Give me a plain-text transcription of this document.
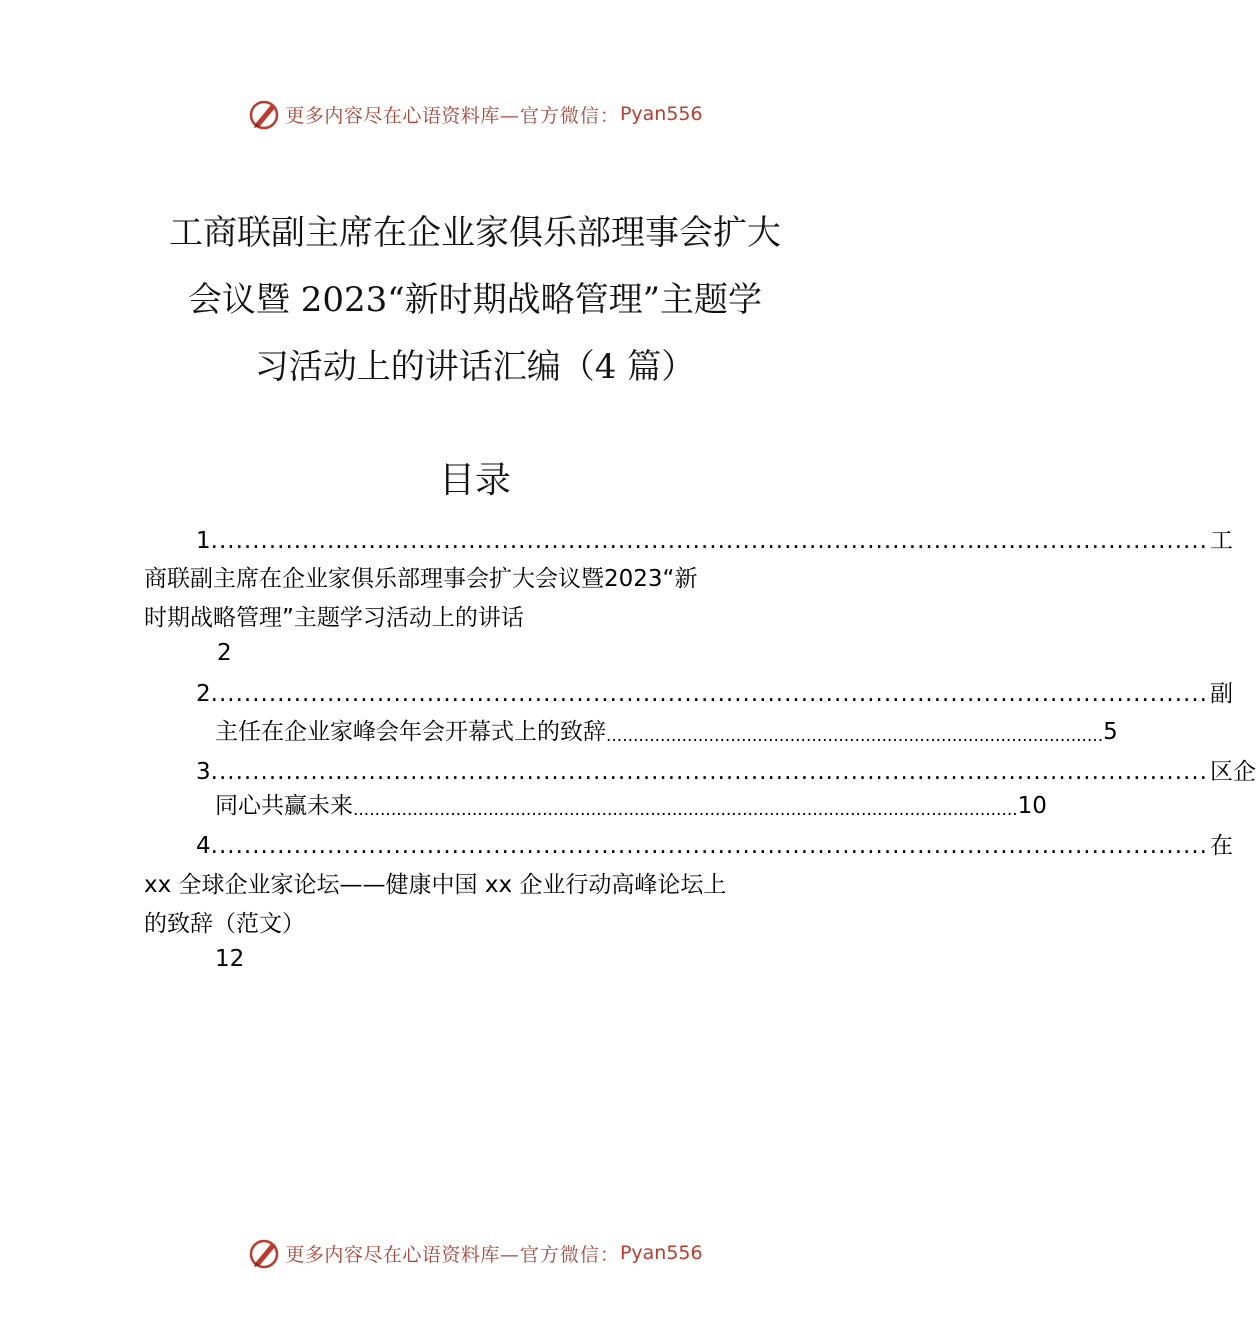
更多内容尽在心语资料库 —官方微信： Pyan556
工商联副主席在企业家俱乐部理事会扩大
会议暨 2023“新时期战略管理”主题学
习活动上的讲话汇编（4 篇）
目录
1 ........................................................................................................................ 工
商联副主席在企业家俱乐部理事会扩大会议暨2023“新
时期战略管理”主题学习活动上的讲话
2
2 ........................................................................................................................ 副
主任在企业家峰会年会开幕式上的致辞 ............................................................................................ 5
3 ........................................................................................................................ 区企
同心共赢未来 ........................................................................................................................... 10
4 ........................................................................................................................ 在
xx 全球企业家论坛——健康中国 xx 企业行动高峰论坛上
的致辞（范文）
12
更多内容尽在心语资料库 —官方微信： Pyan556
